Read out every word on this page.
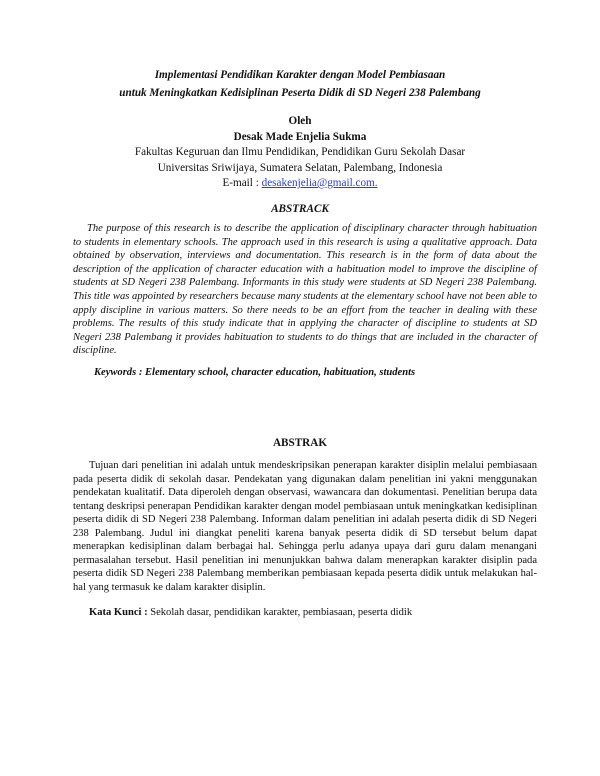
Implementasi Pendidikan Karakter dengan Model Pembiasaan
untuk Meningkatkan Kedisiplinan Peserta Didik di SD Negeri 238 Palembang
Oleh
Desak Made Enjelia Sukma
Fakultas Keguruan dan Ilmu Pendidikan, Pendidikan Guru Sekolah Dasar
Universitas Sriwijaya, Sumatera Selatan, Palembang, Indonesia
E-mail : desakenjelia@gmail.com.
ABSTRACK
The purpose of this research is to describe the application of disciplinary character through habituation to students in elementary schools. The approach used in this research is using a qualitative approach. Data obtained by observation, interviews and documentation. This research is in the form of data about the description of the application of character education with a habituation model to improve the discipline of students at SD Negeri 238 Palembang. Informants in this study were students at SD Negeri 238 Palembang. This title was appointed by researchers because many students at the elementary school have not been able to apply discipline in various matters. So there needs to be an effort from the teacher in dealing with these problems. The results of this study indicate that in applying the character of discipline to students at SD Negeri 238 Palembang it provides habituation to students to do things that are included in the character of discipline.
Keywords : Elementary school, character education, habituation, students
ABSTRAK
Tujuan dari penelitian ini adalah untuk mendeskripsikan penerapan karakter disiplin melalui pembiasaan pada peserta didik di sekolah dasar. Pendekatan yang digunakan dalam penelitian ini yakni menggunakan pendekatan kualitatif. Data diperoleh dengan observasi, wawancara dan dokumentasi. Penelitian berupa data tentang deskripsi penerapan Pendidikan karakter dengan model pembiasaan untuk meningkatkan kedisiplinan peserta didik di SD Negeri 238 Palembang. Informan dalam penelitian ini adalah peserta didik di SD Negeri 238 Palembang. Judul ini diangkat peneliti karena banyak peserta didik di SD tersebut belum dapat menerapkan kedisiplinan dalam berbagai hal. Sehingga perlu adanya upaya dari guru dalam menangani permasalahan tersebut. Hasil penelitian ini menunjukkan bahwa dalam menerapkan karakter disiplin pada peserta didik SD Negeri 238 Palembang memberikan pembiasaan kepada peserta didik untuk melakukan hal-hal yang termasuk ke dalam karakter disiplin.
Kata Kunci : Sekolah dasar, pendidikan karakter, pembiasaan, peserta didik
